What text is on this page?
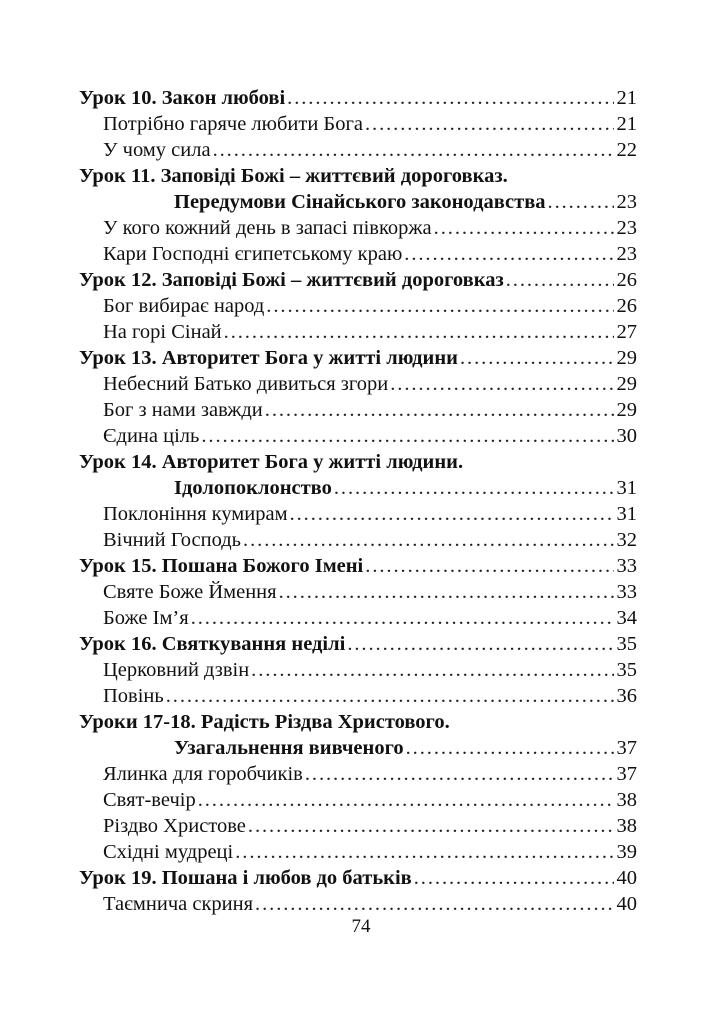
Урок 10. Закон любові . . .	21
Потрібно гаряче любити Бога . . .	21
У чому сила . . .	22
Урок 11. Заповіді Божі – життєвий дороговказ.
Передумови Сінайського законодавства . . .	23
У кого кожний день в запасі півкоржа . . .	23
Кари Господні єгипетському краю . . .	23
Урок 12. Заповіді Божі – життєвий дороговказ . . .	26
Бог вибирає народ . . .	26
На горі Сінай . . .	27
Урок 13. Авторитет Бога у житті людини . . .	29
Небесний Батько дивиться згори . . .	29
Бог з нами завжди . . .	29
Єдина ціль . . .	30
Урок 14. Авторитет Бога у житті людини.
Ідолопоклонство . . .	31
Поклоніння кумирам . . .	31
Вічний Господь . . .	32
Урок 15. Пошана Божого Імені . . .	33
Святе Боже Ймення . . .	33
Боже Ім’я . . .	34
Урок 16. Святкування неділі . . .	35
Церковний дзвін . . .	35
Повінь . . .	36
Уроки 17-18. Радість Різдва Христового.
Узагальнення вивченого . . .	37
Ялинка для горобчиків . . .	37
Свят-вечір . . .	38
Різдво Христове . . .	38
Східні мудреці . . .	39
Урок 19. Пошана і любов до батьків . . .	40
Таємнича скриня . . .	40
74
